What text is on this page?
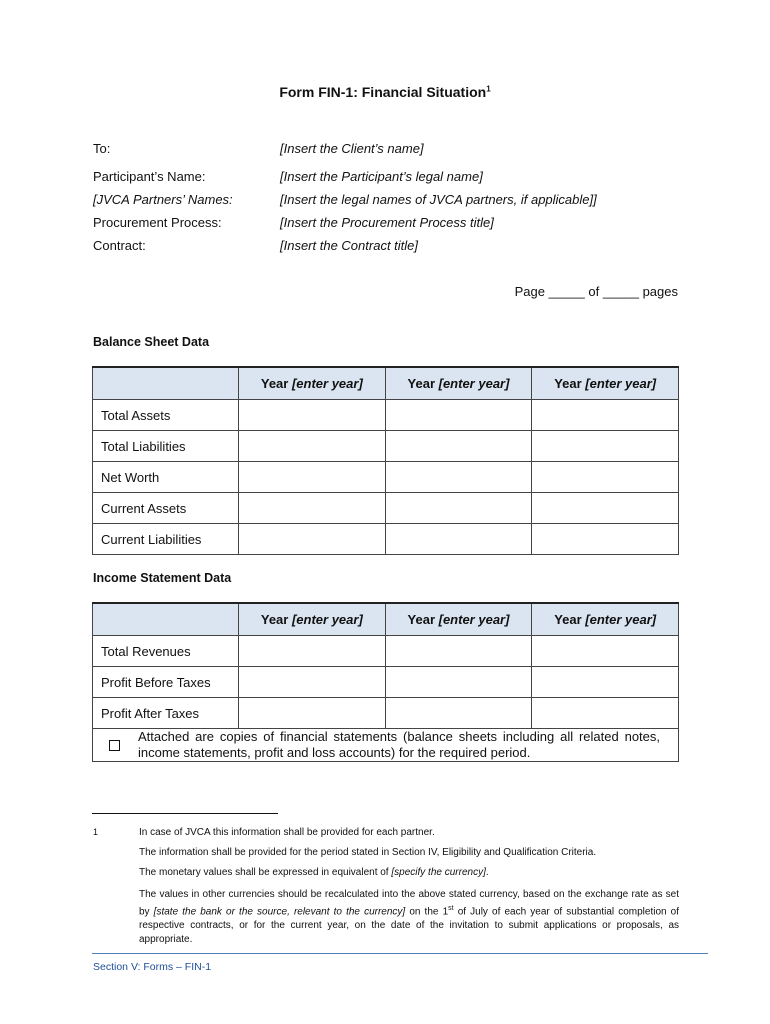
Form FIN-1: Financial Situation$^1$
To:	[Insert the Client’s name]
Participant’s Name:	[Insert the Participant’s legal name]
[JVCA Partners’ Names:	[Insert the legal names of JVCA partners, if applicable]]
Procurement Process:	[Insert the Procurement Process title]
Contract:	[Insert the Contract title]
Page _____ of _____ pages
Balance Sheet Data
	Year [enter year]	Year [enter year]	Year [enter year]
Total Assets			
Total Liabilities			
Net Worth			
Current Assets			
Current Liabilities			
Income Statement Data
	Year [enter year]	Year [enter year]	Year [enter year]
Total Revenues			
Profit Before Taxes			
Profit After Taxes			

Attached are copies of financial statements (balance sheets including all related notes, income statements, profit and loss accounts) for the required period.			
1	In case of JVCA this information shall be provided for each partner.
The information shall be provided for the period stated in Section IV, Eligibility and Qualification Criteria.
The monetary values shall be expressed in equivalent of [specify the currency].
The values in other currencies should be recalculated into the above stated currency, based on the exchange rate as set by [state the bank or the source, relevant to the currency] on the 1st of July of each year of substantial completion of respective contracts, or for the current year, on the date of the invitation to submit applications or proposals, as appropriate.
Section V: Forms – FIN-1
